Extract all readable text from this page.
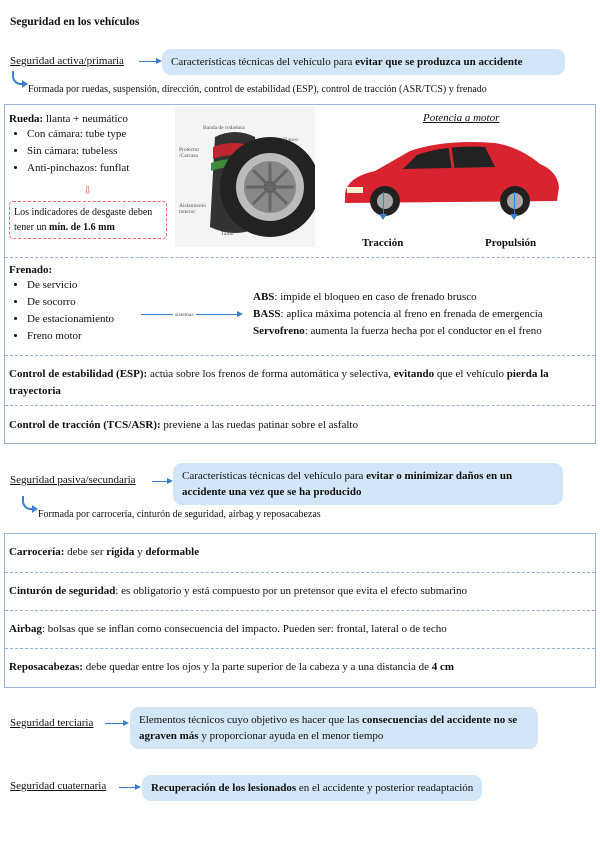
Seguridad en los vehículos
Seguridad activa/primaria	Características técnicas del vehículo para evitar que se produzca un accidente
Formada por ruedas, suspensión, dirección, control de estabilidad (ESP), control de tracción (ASR/TCS) y frenado
Rueda: llanta + neumático
• Con cámara: tube type
• Sin cámara: tubeless
• Anti-pinchazos: funflat
⇩
Los indicadores de desgaste deben tener un mín. de 1.6 mm
Banda de rodadura
Flanco
Protector /Carcasa
Aislamiento interior
Talón
Potencia a motor
Tracción	Propulsión
Frenado:
• De servicio
• De socorro
• De estacionamiento
• Freno motor
sistemas
ABS: impide el bloqueo en caso de frenado brusco
BASS: aplica máxima potencia al freno en frenada de emergencia
Servofreno: aumenta la fuerza hecha por el conductor en el freno
Control de estabilidad (ESP): actúa sobre los frenos de forma automática y selectiva, evitando que el vehículo pierda la trayectoria
Control de tracción (TCS/ASR): previene a las ruedas patinar sobre el asfalto
Seguridad pasiva/secundaria	Características técnicas del vehículo para evitar o minimizar daños en un accidente una vez que se ha producido
Formada por carrocería, cinturón de seguridad, airbag y reposacabezas
Carrocería: debe ser rígida y deformable
Cinturón de seguridad: es obligatorio y está compuesto por un pretensor que evita el efecto submarino
Airbag: bolsas que se inflan como consecuencia del impacto. Pueden ser: frontal, lateral o de techo
Reposacabezas: debe quedar entre los ojos y la parte superior de la cabeza y a una distancia de 4 cm
Seguridad terciaria	Elementos técnicos cuyo objetivo es hacer que las consecuencias del accidente no se agraven más y proporcionar ayuda en el menor tiempo
Seguridad cuaternaria	Recuperación de los lesionados en el accidente y posterior readaptación
